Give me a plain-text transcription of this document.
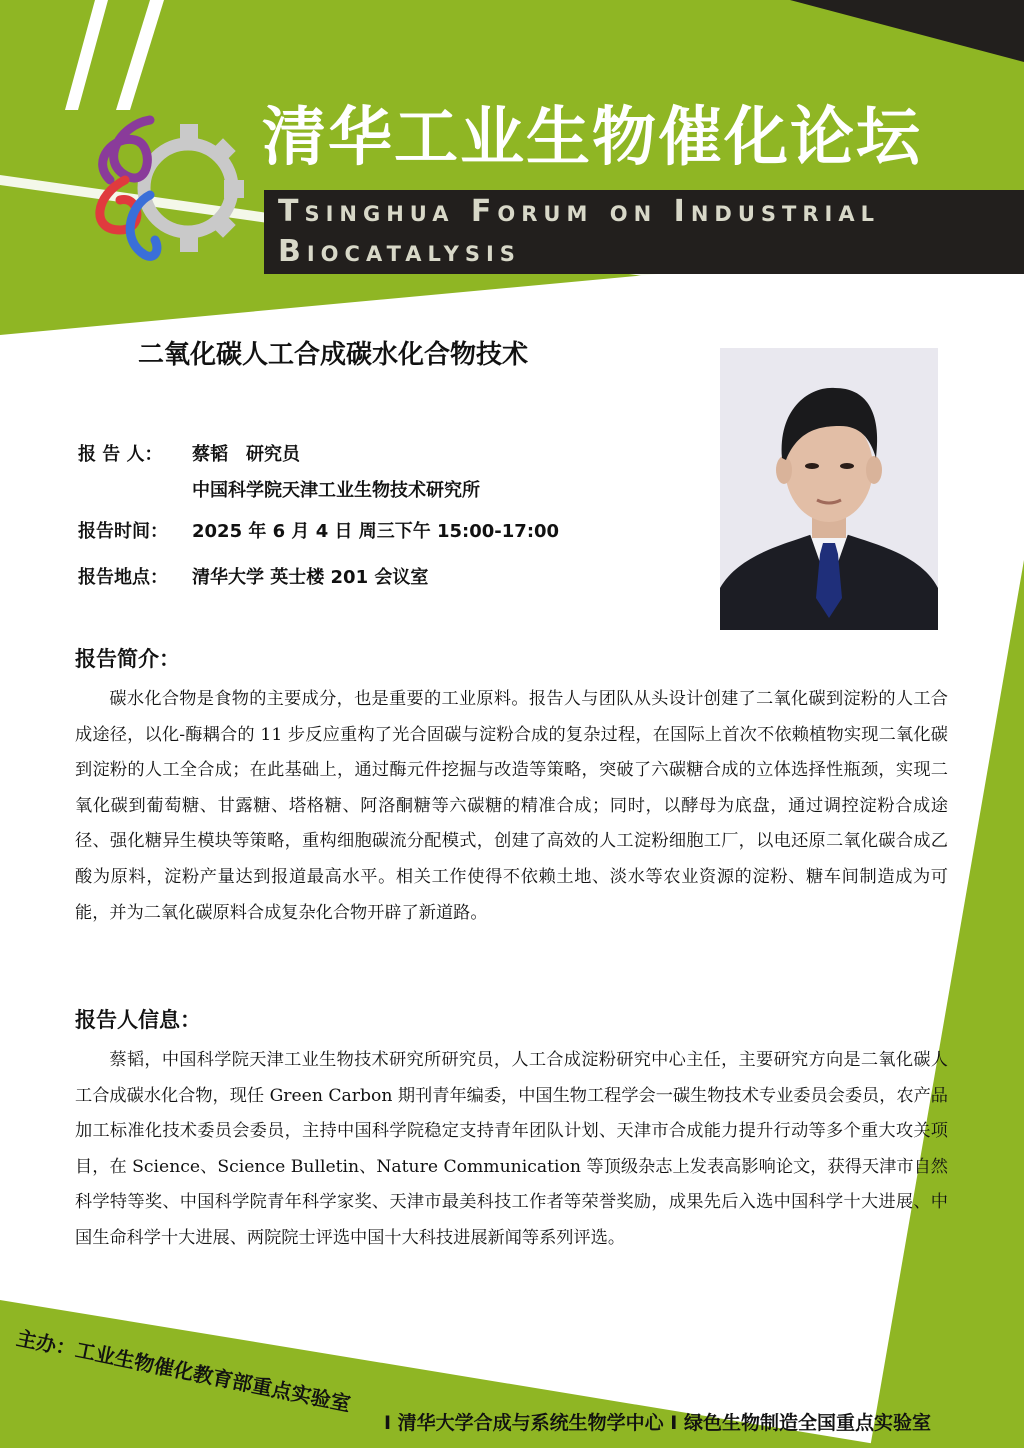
清华工业生物催化论坛
Tsinghua Forum on Industrial
Biocatalysis
二氧化碳人工合成碳水化合物技术
报 告 人： 蔡韬　研究员
中国科学院天津工业生物技术研究所
报告时间： 2025 年 6 月 4 日 周三下午 15:00-17:00
报告地点： 清华大学 英士楼 201 会议室
报告简介：
碳水化合物是食物的主要成分，也是重要的工业原料。报告人与团队从头设计创建了二氧化碳到淀粉的人工合成途径，以化-酶耦合的 11 步反应重构了光合固碳与淀粉合成的复杂过程，在国际上首次不依赖植物实现二氧化碳到淀粉的人工全合成；在此基础上，通过酶元件挖掘与改造等策略，突破了六碳糖合成的立体选择性瓶颈，实现二氧化碳到葡萄糖、甘露糖、塔格糖、阿洛酮糖等六碳糖的精准合成；同时，以酵母为底盘，通过调控淀粉合成途径、强化糖异生模块等策略，重构细胞碳流分配模式，创建了高效的人工淀粉细胞工厂，以电还原二氧化碳合成乙酸为原料，淀粉产量达到报道最高水平。相关工作使得不依赖土地、淡水等农业资源的淀粉、糖车间制造成为可能，并为二氧化碳原料合成复杂化合物开辟了新道路。
报告人信息：
蔡韬，中国科学院天津工业生物技术研究所研究员，人工合成淀粉研究中心主任，主要研究方向是二氧化碳人工合成碳水化合物，现任 Green Carbon 期刊青年编委，中国生物工程学会一碳生物技术专业委员会委员，农产品加工标准化技术委员会委员，主持中国科学院稳定支持青年团队计划、天津市合成能力提升行动等多个重大攻关项目，在 Science、Science Bulletin、Nature Communication 等顶级杂志上发表高影响论文，获得天津市自然科学特等奖、中国科学院青年科学家奖、天津市最美科技工作者等荣誉奖励，成果先后入选中国科学十大进展、中国生命科学十大进展、两院院士评选中国十大科技进展新闻等系列评选。
主办：工业生物催化教育部重点实验室
I 清华大学合成与系统生物学中心 I 绿色生物制造全国重点实验室
